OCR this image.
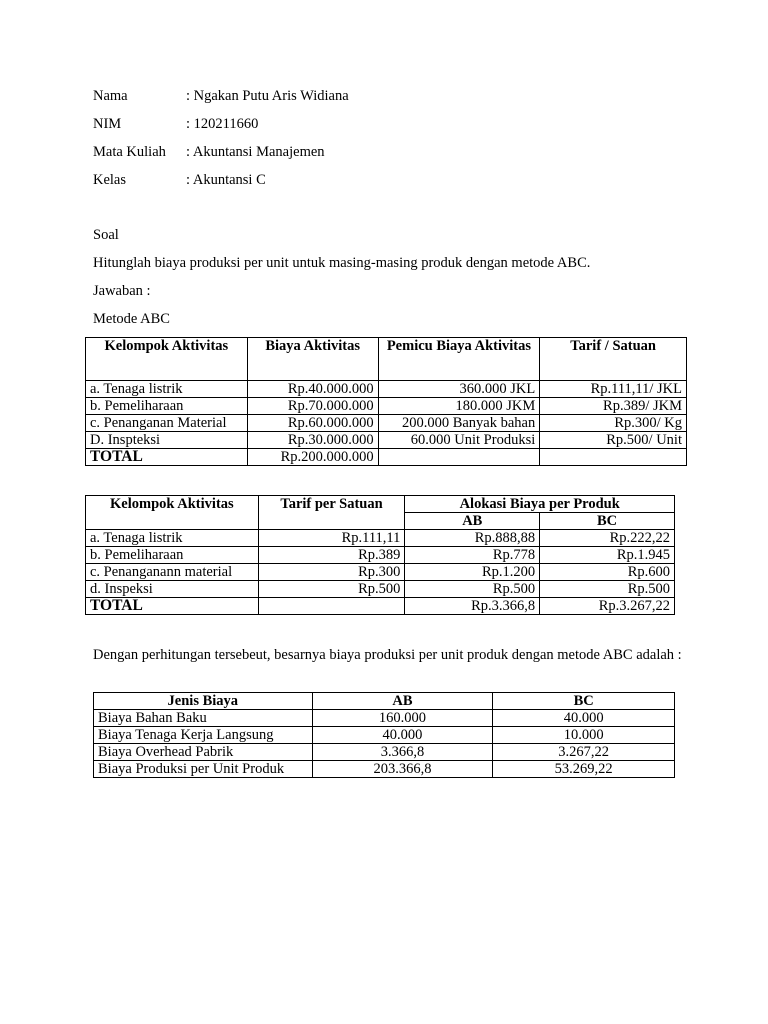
Nama	: Ngakan Putu Aris Widiana
NIM	: 120211660
Mata Kuliah : Akuntansi Manajemen
Kelas	: Akuntansi C
Soal
Hitunglah biaya produksi per unit untuk masing-masing produk dengan metode ABC.
Jawaban :
Metode ABC
Kelompok Aktivitas	Biaya Aktivitas	Pemicu Biaya Aktivitas	Tarif / Satuan
a. Tenaga listrik	Rp.40.000.000	360.000 JKL	Rp.111,11/ JKL
b. Pemeliharaan	Rp.70.000.000	180.000 JKM	Rp.389/ JKM
c. Penanganan Material	Rp.60.000.000	200.000 Banyak bahan	Rp.300/ Kg
D. Inspteksi	Rp.30.000.000	60.000 Unit Produksi	Rp.500/ Unit
TOTAL	Rp.200.000.000		
Kelompok Aktivitas	Tarif per Satuan	Alokasi Biaya per Produk	
		AB	BC
a. Tenaga listrik	Rp.111,11	Rp.888,88	Rp.222,22
b. Pemeliharaan	Rp.389	Rp.778	Rp.1.945
c. Penanganann material	Rp.300	Rp.1.200	Rp.600
d. Inspeksi	Rp.500	Rp.500	Rp.500
TOTAL		Rp.3.366,8	Rp.3.267,22
Dengan perhitungan tersebeut, besarnya biaya produksi per unit produk dengan metode ABC adalah :
Jenis Biaya	AB	BC
Biaya Bahan Baku	160.000	40.000
Biaya Tenaga Kerja Langsung	40.000	10.000
Biaya Overhead Pabrik	3.366,8	3.267,22
Biaya Produksi per Unit Produk	203.366,8	53.269,22
